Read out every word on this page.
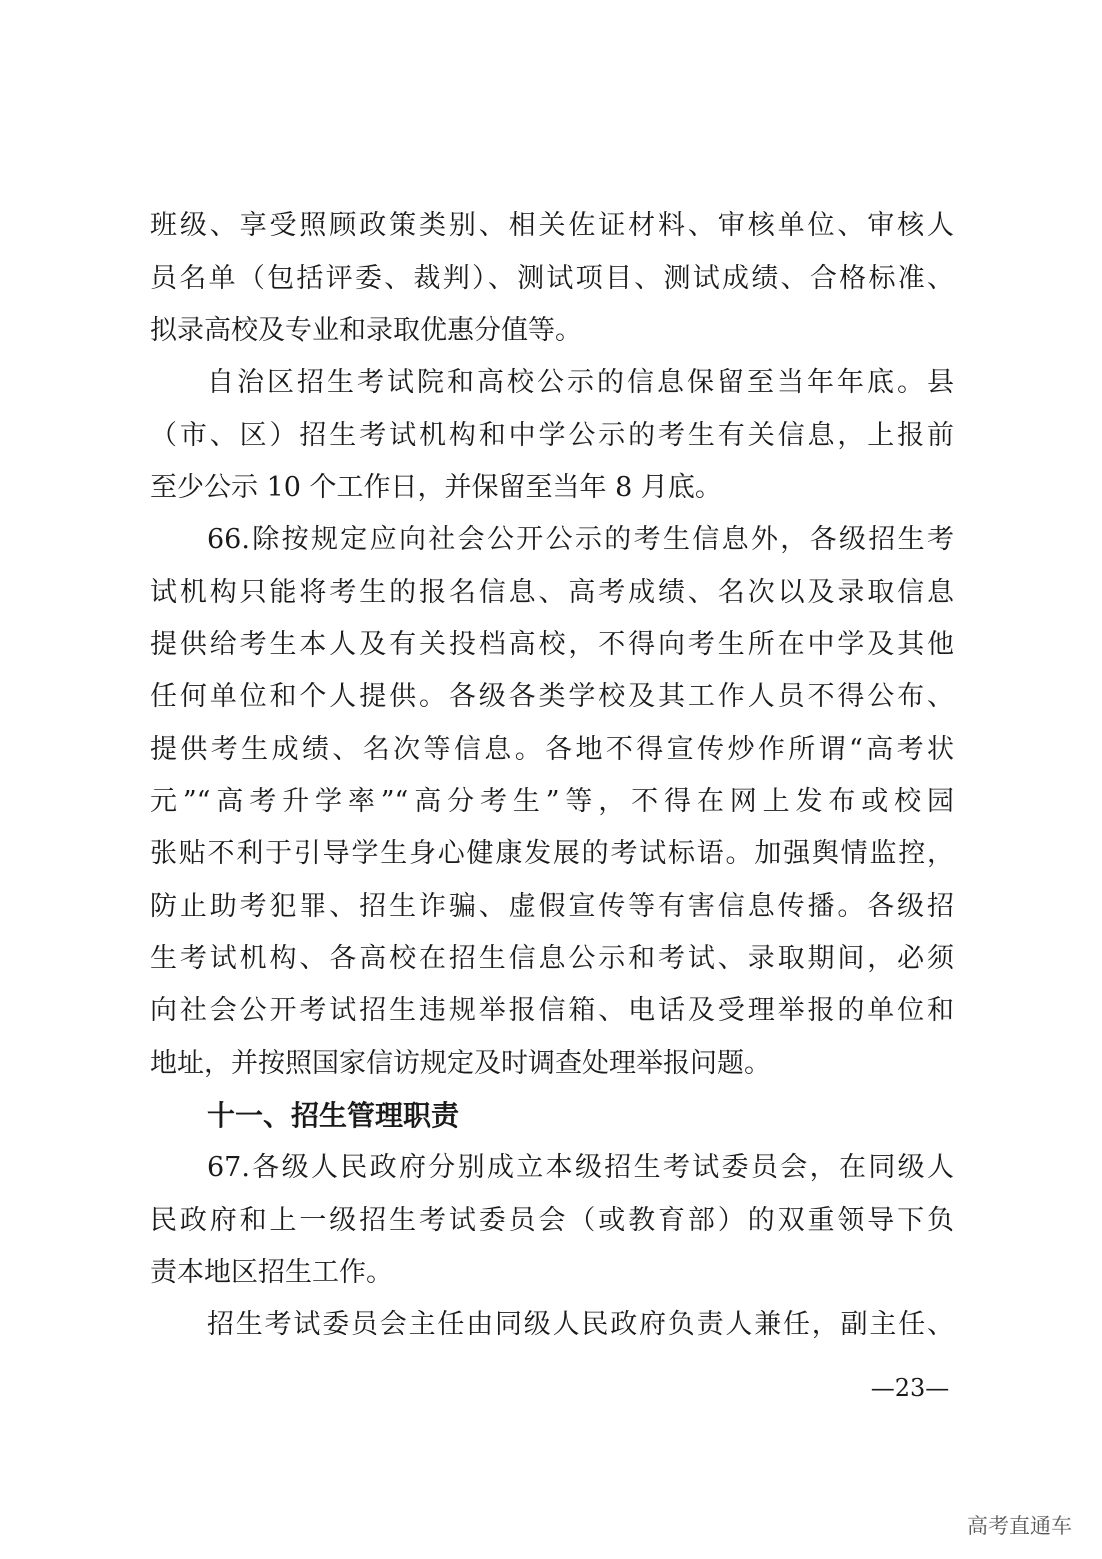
班级、享受照顾政策类别、相关佐证材料、审核单位、审核人
员名单（包括评委、裁判）、测试项目、测试成绩、合格标准、
拟录高校及专业和录取优惠分值等。
自治区招生考试院和高校公示的信息保留至当年年底。县
（市、区）招生考试机构和中学公示的考生有关信息，上报前
至少公示 10 个工作日，并保留至当年 8 月底。
66.除按规定应向社会公开公示的考生信息外，各级招生考
试机构只能将考生的报名信息、高考成绩、名次以及录取信息
提供给考生本人及有关投档高校，不得向考生所在中学及其他
任何单位和个人提供。各级各类学校及其工作人员不得公布、
提供考生成绩、名次等信息。各地不得宣传炒作所谓“高考状
元”“高考升学率”“高分考生”等，不得在网上发布或校园
张贴不利于引导学生身心健康发展的考试标语。加强舆情监控，
防止助考犯罪、招生诈骗、虚假宣传等有害信息传播。各级招
生考试机构、各高校在招生信息公示和考试、录取期间，必须
向社会公开考试招生违规举报信箱、电话及受理举报的单位和
地址，并按照国家信访规定及时调查处理举报问题。
十一、招生管理职责
67.各级人民政府分别成立本级招生考试委员会，在同级人
民政府和上一级招生考试委员会（或教育部）的双重领导下负
责本地区招生工作。
招生考试委员会主任由同级人民政府负责人兼任，副主任、
—23—
高考直通车
